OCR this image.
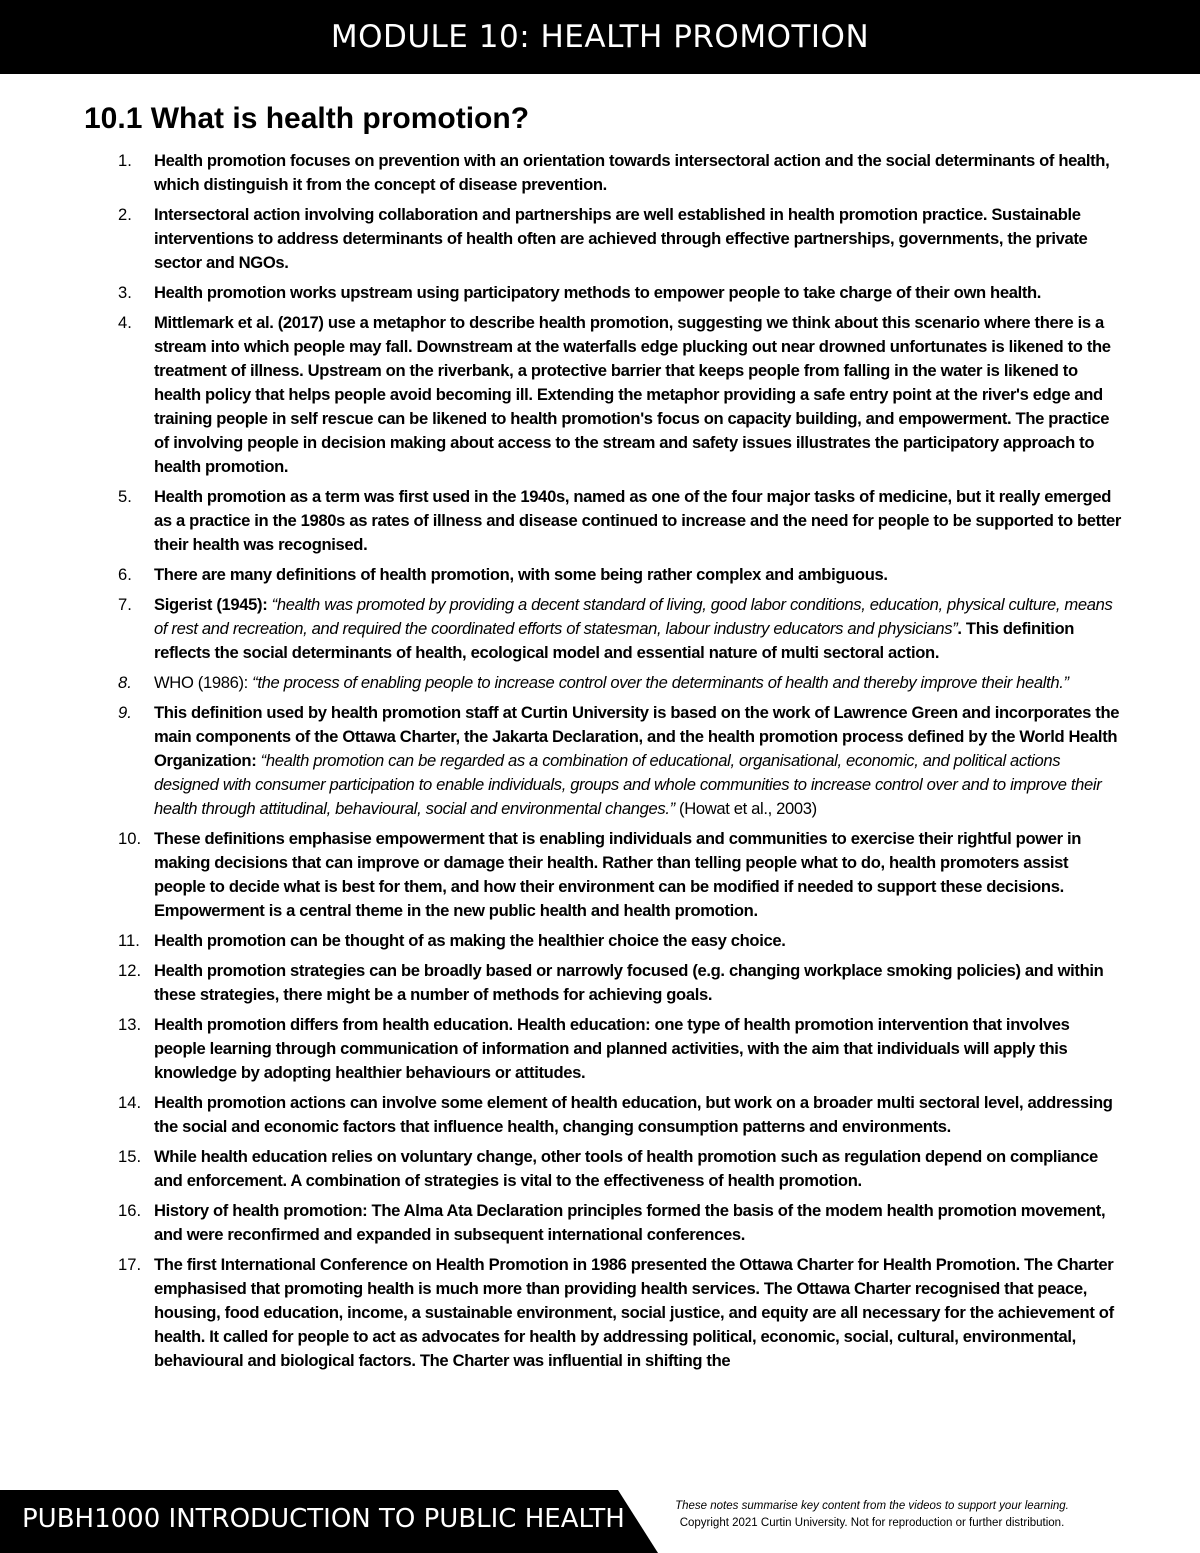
MODULE 10: HEALTH PROMOTION
10.1 What is health promotion?
1.	Health promotion focuses on prevention with an orientation towards intersectoral action and the social determinants of health, which distinguish it from the concept of disease prevention.
2.	Intersectoral action involving collaboration and partnerships are well established in health promotion practice. Sustainable interventions to address determinants of health often are achieved through effective partnerships, governments, the private sector and NGOs.
3.	Health promotion works upstream using participatory methods to empower people to take charge of their own health.
4.	Mittlemark et al. (2017) use a metaphor to describe health promotion, suggesting we think about this scenario where there is a stream into which people may fall. Downstream at the waterfalls edge plucking out near drowned unfortunates is likened to the treatment of illness. Upstream on the riverbank, a protective barrier that keeps people from falling in the water is likened to health policy that helps people avoid becoming ill. Extending the metaphor providing a safe entry point at the river's edge and training people in self rescue can be likened to health promotion's focus on capacity building, and empowerment. The practice of involving people in decision making about access to the stream and safety issues illustrates the participatory approach to health promotion.
5.	Health promotion as a term was first used in the 1940s, named as one of the four major tasks of medicine, but it really emerged as a practice in the 1980s as rates of illness and disease continued to increase and the need for people to be supported to better their health was recognised.
6.	There are many definitions of health promotion, with some being rather complex and ambiguous.
7.	Sigerist (1945): “health was promoted by providing a decent standard of living, good labor conditions, education, physical culture, means of rest and recreation, and required the coordinated efforts of statesman, labour industry educators and physicians”. This definition reflects the social determinants of health, ecological model and essential nature of multi sectoral action.
8.	WHO (1986): “the process of enabling people to increase control over the determinants of health and thereby improve their health.”
9.	This definition used by health promotion staff at Curtin University is based on the work of Lawrence Green and incorporates the main components of the Ottawa Charter, the Jakarta Declaration, and the health promotion process defined by the World Health Organization: “health promotion can be regarded as a combination of educational, organisational, economic, and political actions designed with consumer participation to enable individuals, groups and whole communities to increase control over and to improve their health through attitudinal, behavioural, social and environmental changes.” (Howat et al., 2003)
10. These definitions emphasise empowerment that is enabling individuals and communities to exercise their rightful power in making decisions that can improve or damage their health. Rather than telling people what to do, health promoters assist people to decide what is best for them, and how their environment can be modified if needed to support these decisions. Empowerment is a central theme in the new public health and health promotion.
11. Health promotion can be thought of as making the healthier choice the easy choice.
12. Health promotion strategies can be broadly based or narrowly focused (e.g. changing workplace smoking policies) and within these strategies, there might be a number of methods for achieving goals.
13. Health promotion differs from health education. Health education: one type of health promotion intervention that involves people learning through communication of information and planned activities, with the aim that individuals will apply this knowledge by adopting healthier behaviours or attitudes.
14. Health promotion actions can involve some element of health education, but work on a broader multi sectoral level, addressing the social and economic factors that influence health, changing consumption patterns and environments.
15. While health education relies on voluntary change, other tools of health promotion such as regulation depend on compliance and enforcement. A combination of strategies is vital to the effectiveness of health promotion.
16. History of health promotion: The Alma Ata Declaration principles formed the basis of the modem health promotion movement, and were reconfirmed and expanded in subsequent international conferences.
17. The first International Conference on Health Promotion in 1986 presented the Ottawa Charter for Health Promotion. The Charter emphasised that promoting health is much more than providing health services. The Ottawa Charter recognised that peace, housing, food education, income, a sustainable environment, social justice, and equity are all necessary for the achievement of health. It called for people to act as advocates for health by addressing political, economic, social, cultural, environmental, behavioural and biological factors. The Charter was influential in shifting the
PUBH1000 INTRODUCTION TO PUBLIC HEALTH	These notes summarise key content from the videos to support your learning.
Copyright 2021 Curtin University. Not for reproduction or further distribution.
